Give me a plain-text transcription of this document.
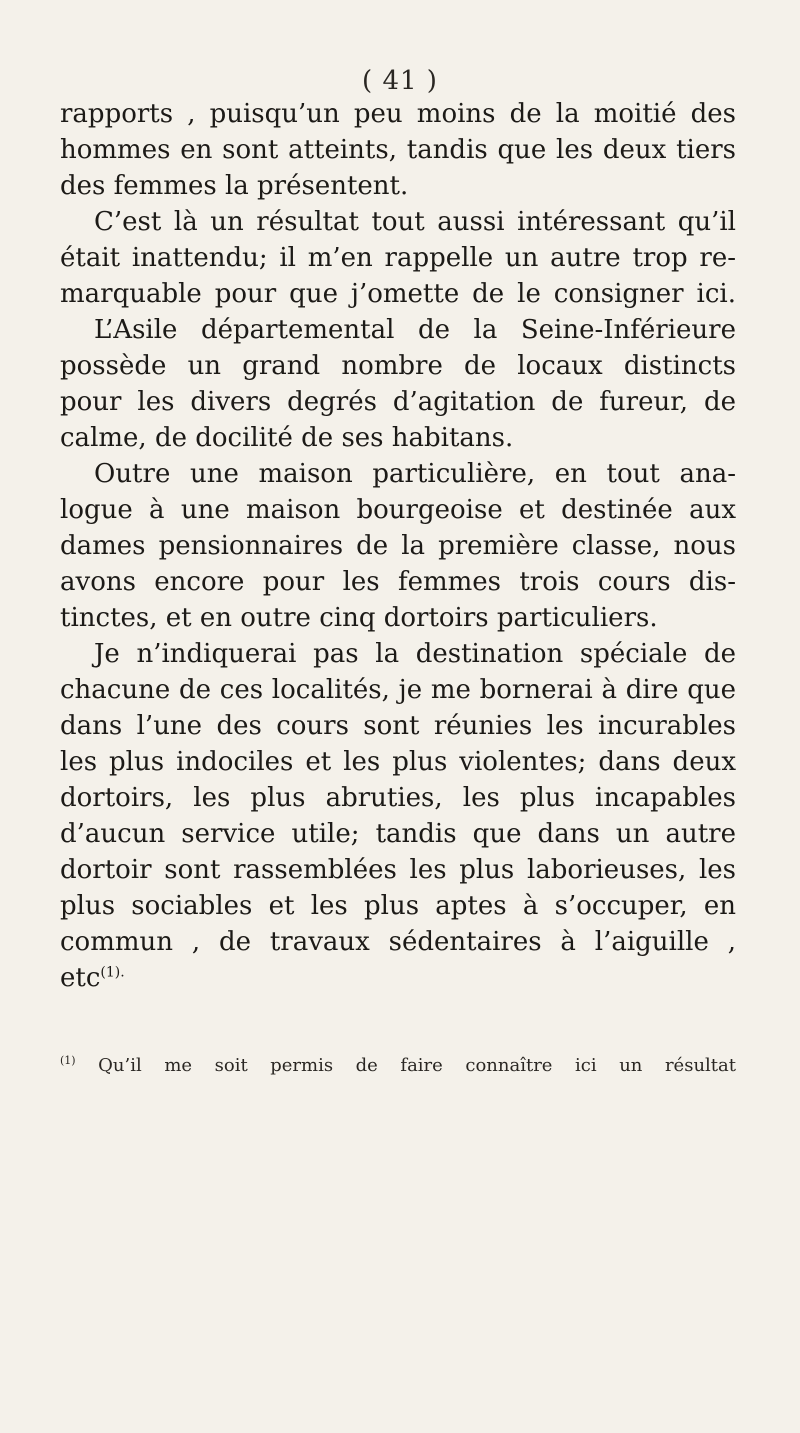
( 41 )
rapports , puisqu’un peu moins de la moitié des
hommes en sont atteints, tandis que les deux tiers
des femmes la présentent.
C’est là un résultat tout aussi intéressant qu’il
était inattendu; il m’en rappelle un autre trop re-
marquable pour que j’omette de le consigner ici.
L’Asile départemental de la Seine-Inférieure
possède un grand nombre de locaux distincts
pour les divers degrés d’agitation de fureur, de
calme, de docilité de ses habitans.
Outre une maison particulière, en tout ana-
logue à une maison bourgeoise et destinée aux
dames pensionnaires de la première classe, nous
avons encore pour les femmes trois cours dis-
tinctes, et en outre cinq dortoirs particuliers.
Je n’indiquerai pas la destination spéciale de
chacune de ces localités, je me bornerai à dire que
dans l’une des cours sont réunies les incurables
les plus indociles et les plus violentes; dans deux
dortoirs, les plus abruties, les plus incapables
d’aucun service utile; tandis que dans un autre
dortoir sont rassemblées les plus laborieuses, les
plus sociables et les plus aptes à s’occuper, en
commun , de travaux sédentaires à l’aiguille ,
etc$^{(1).}$
$^{(1)}$ Qu’il me soit permis de faire connaître ici un résultat
